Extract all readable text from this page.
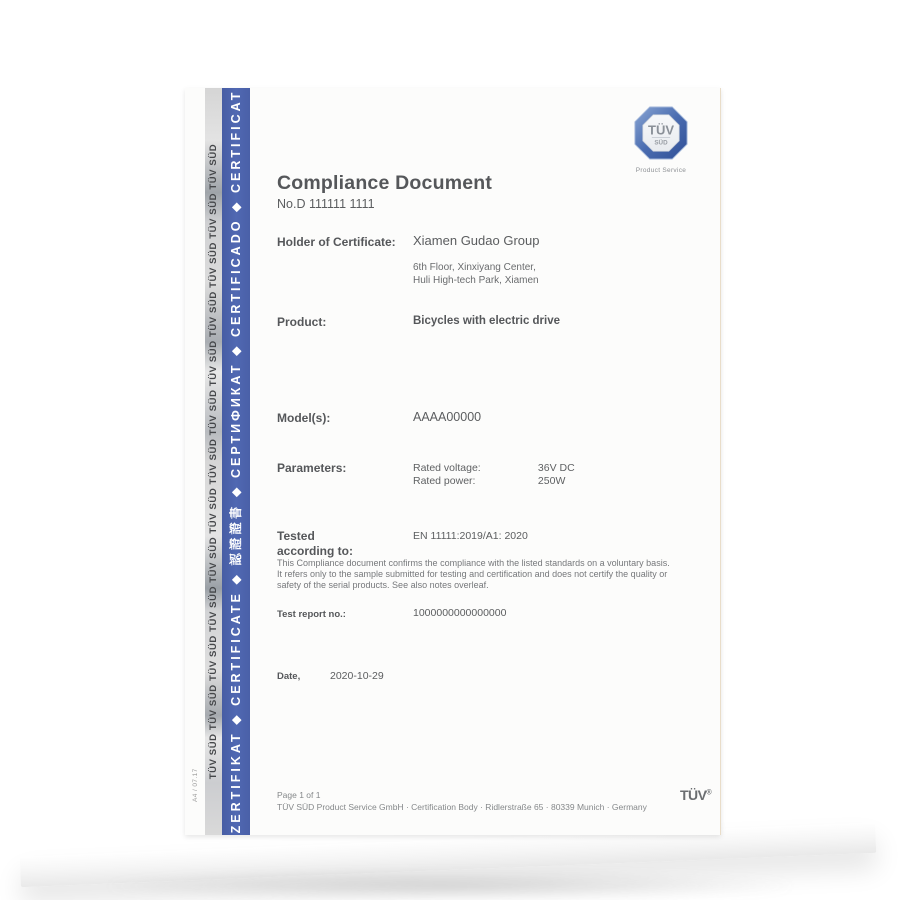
TÜV SÜD TÜV SÜD TÜV SÜD TÜV SÜD TÜV SÜD TÜV SÜD TÜV SÜD TÜV SÜD TÜV SÜD TÜV SÜD TÜV SÜD TÜV SÜD TÜV SÜD ZERTIFIKAT ◆ CERTIFICATE ◆ 認證證書 ◆ СЕРТИФИКАТ ◆ CERTIFICADO ◆ CERTIFICAT
A4 / 07.17
TÜV
SÜD
Product Service
Compliance Document
No.D 111111 1111
Holder of Certificate: Xiamen Gudao Group
6th Floor, Xinxiyang Center,
Huli High-tech Park, Xiamen
Product:	Bicycles with electric drive
Model(s):	AAAA00000
Parameters:	Rated voltage:	36V DC
Rated power:	250W
Tested
according to:
EN 11111:2019/A1: 2020
This Compliance document confirms the compliance with the listed standards on a voluntary basis. It refers only to the sample submitted for testing and certification and does not certify the quality or safety of the serial products. See also notes overleaf.
Test report no.:	1000000000000000
Date,	2020-10-29
Page 1 of 1
TÜV SÜD Product Service GmbH · Certification Body · Ridlerstraße 65 · 80339 Munich · Germany
TÜV®
